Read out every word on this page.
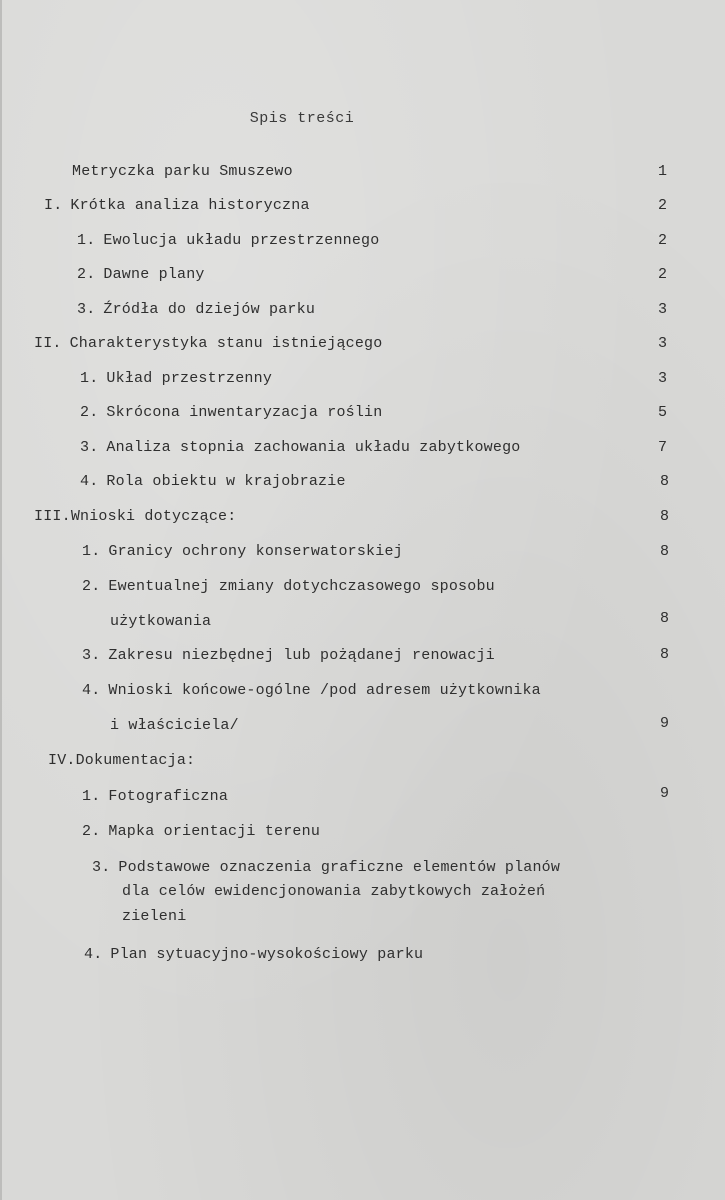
Spis treści
Metryczka parku Smuszewo	1
I. Krótka analiza historyczna	2
1. Ewolucja układu przestrzennego	2
2. Dawne plany	2
3. Źródła do dziejów parku	3
II. Charakterystyka stanu istniejącego	3
1. Układ przestrzenny	3
2. Skrócona inwentaryzacja roślin	5
3. Analiza stopnia zachowania układu zabytkowego	7
4. Rola obiektu w krajobrazie	8
III.Wnioski dotyczące:	8
1. Granicy ochrony konserwatorskiej	8
2. Ewentualnej zmiany dotychczasowego sposobu
użytkowania	8
3. Zakresu niezbędnej lub pożądanej renowacji	8
4. Wnioski końcowe-ogólne /pod adresem użytkownika
i właściciela/	9
IV.Dokumentacja:
1. Fotograficzna	9
2. Mapka orientacji terenu
3. Podstawowe oznaczenia graficzne elementów planów
dla celów ewidencjonowania zabytkowych założeń
zieleni
4. Plan sytuacyjno-wysokościowy parku
